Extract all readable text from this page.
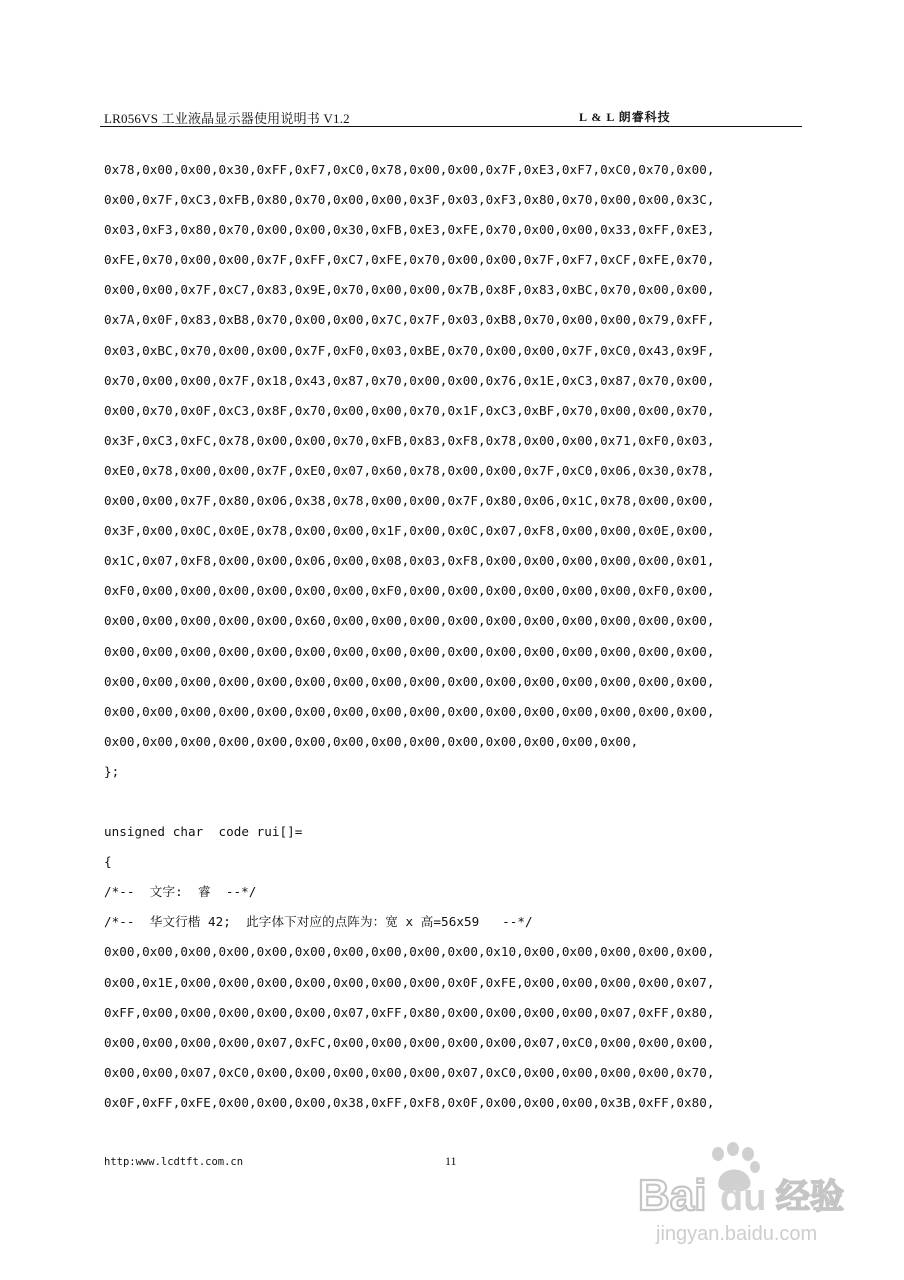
LR056VS 工业液晶显示器使用说明书 V1.2	L & L 朗睿科技
0x78,0x00,0x00,0x30,0xFF,0xF7,0xC0,0x78,0x00,0x00,0x7F,0xE3,0xF7,0xC0,0x70,0x00,
0x00,0x7F,0xC3,0xFB,0x80,0x70,0x00,0x00,0x3F,0x03,0xF3,0x80,0x70,0x00,0x00,0x3C,
0x03,0xF3,0x80,0x70,0x00,0x00,0x30,0xFB,0xE3,0xFE,0x70,0x00,0x00,0x33,0xFF,0xE3,
0xFE,0x70,0x00,0x00,0x7F,0xFF,0xC7,0xFE,0x70,0x00,0x00,0x7F,0xF7,0xCF,0xFE,0x70,
0x00,0x00,0x7F,0xC7,0x83,0x9E,0x70,0x00,0x00,0x7B,0x8F,0x83,0xBC,0x70,0x00,0x00,
0x7A,0x0F,0x83,0xB8,0x70,0x00,0x00,0x7C,0x7F,0x03,0xB8,0x70,0x00,0x00,0x79,0xFF,
0x03,0xBC,0x70,0x00,0x00,0x7F,0xF0,0x03,0xBE,0x70,0x00,0x00,0x7F,0xC0,0x43,0x9F,
0x70,0x00,0x00,0x7F,0x18,0x43,0x87,0x70,0x00,0x00,0x76,0x1E,0xC3,0x87,0x70,0x00,
0x00,0x70,0x0F,0xC3,0x8F,0x70,0x00,0x00,0x70,0x1F,0xC3,0xBF,0x70,0x00,0x00,0x70,
0x3F,0xC3,0xFC,0x78,0x00,0x00,0x70,0xFB,0x83,0xF8,0x78,0x00,0x00,0x71,0xF0,0x03,
0xE0,0x78,0x00,0x00,0x7F,0xE0,0x07,0x60,0x78,0x00,0x00,0x7F,0xC0,0x06,0x30,0x78,
0x00,0x00,0x7F,0x80,0x06,0x38,0x78,0x00,0x00,0x7F,0x80,0x06,0x1C,0x78,0x00,0x00,
0x3F,0x00,0x0C,0x0E,0x78,0x00,0x00,0x1F,0x00,0x0C,0x07,0xF8,0x00,0x00,0x0E,0x00,
0x1C,0x07,0xF8,0x00,0x00,0x06,0x00,0x08,0x03,0xF8,0x00,0x00,0x00,0x00,0x00,0x01,
0xF0,0x00,0x00,0x00,0x00,0x00,0x00,0xF0,0x00,0x00,0x00,0x00,0x00,0x00,0xF0,0x00,
0x00,0x00,0x00,0x00,0x00,0x60,0x00,0x00,0x00,0x00,0x00,0x00,0x00,0x00,0x00,0x00,
0x00,0x00,0x00,0x00,0x00,0x00,0x00,0x00,0x00,0x00,0x00,0x00,0x00,0x00,0x00,0x00,
0x00,0x00,0x00,0x00,0x00,0x00,0x00,0x00,0x00,0x00,0x00,0x00,0x00,0x00,0x00,0x00,
0x00,0x00,0x00,0x00,0x00,0x00,0x00,0x00,0x00,0x00,0x00,0x00,0x00,0x00,0x00,0x00,
0x00,0x00,0x00,0x00,0x00,0x00,0x00,0x00,0x00,0x00,0x00,0x00,0x00,0x00,
};
unsigned char  code rui[]=
{
/*--  文字:  睿  --*/
/*--  华文行楷 42;  此字体下对应的点阵为：宽 x 高=56x59   --*/
0x00,0x00,0x00,0x00,0x00,0x00,0x00,0x00,0x00,0x00,0x10,0x00,0x00,0x00,0x00,0x00,
0x00,0x1E,0x00,0x00,0x00,0x00,0x00,0x00,0x00,0x0F,0xFE,0x00,0x00,0x00,0x00,0x07,
0xFF,0x00,0x00,0x00,0x00,0x00,0x07,0xFF,0x80,0x00,0x00,0x00,0x00,0x07,0xFF,0x80,
0x00,0x00,0x00,0x00,0x07,0xFC,0x00,0x00,0x00,0x00,0x00,0x07,0xC0,0x00,0x00,0x00,
0x00,0x00,0x07,0xC0,0x00,0x00,0x00,0x00,0x00,0x07,0xC0,0x00,0x00,0x00,0x00,0x70,
0x0F,0xFF,0xFE,0x00,0x00,0x00,0x38,0xFF,0xF8,0x0F,0x00,0x00,0x00,0x3B,0xFF,0x80,
http:www.lcdtft.com.cn	11
Bai du 经验
jingyan.baidu.com
